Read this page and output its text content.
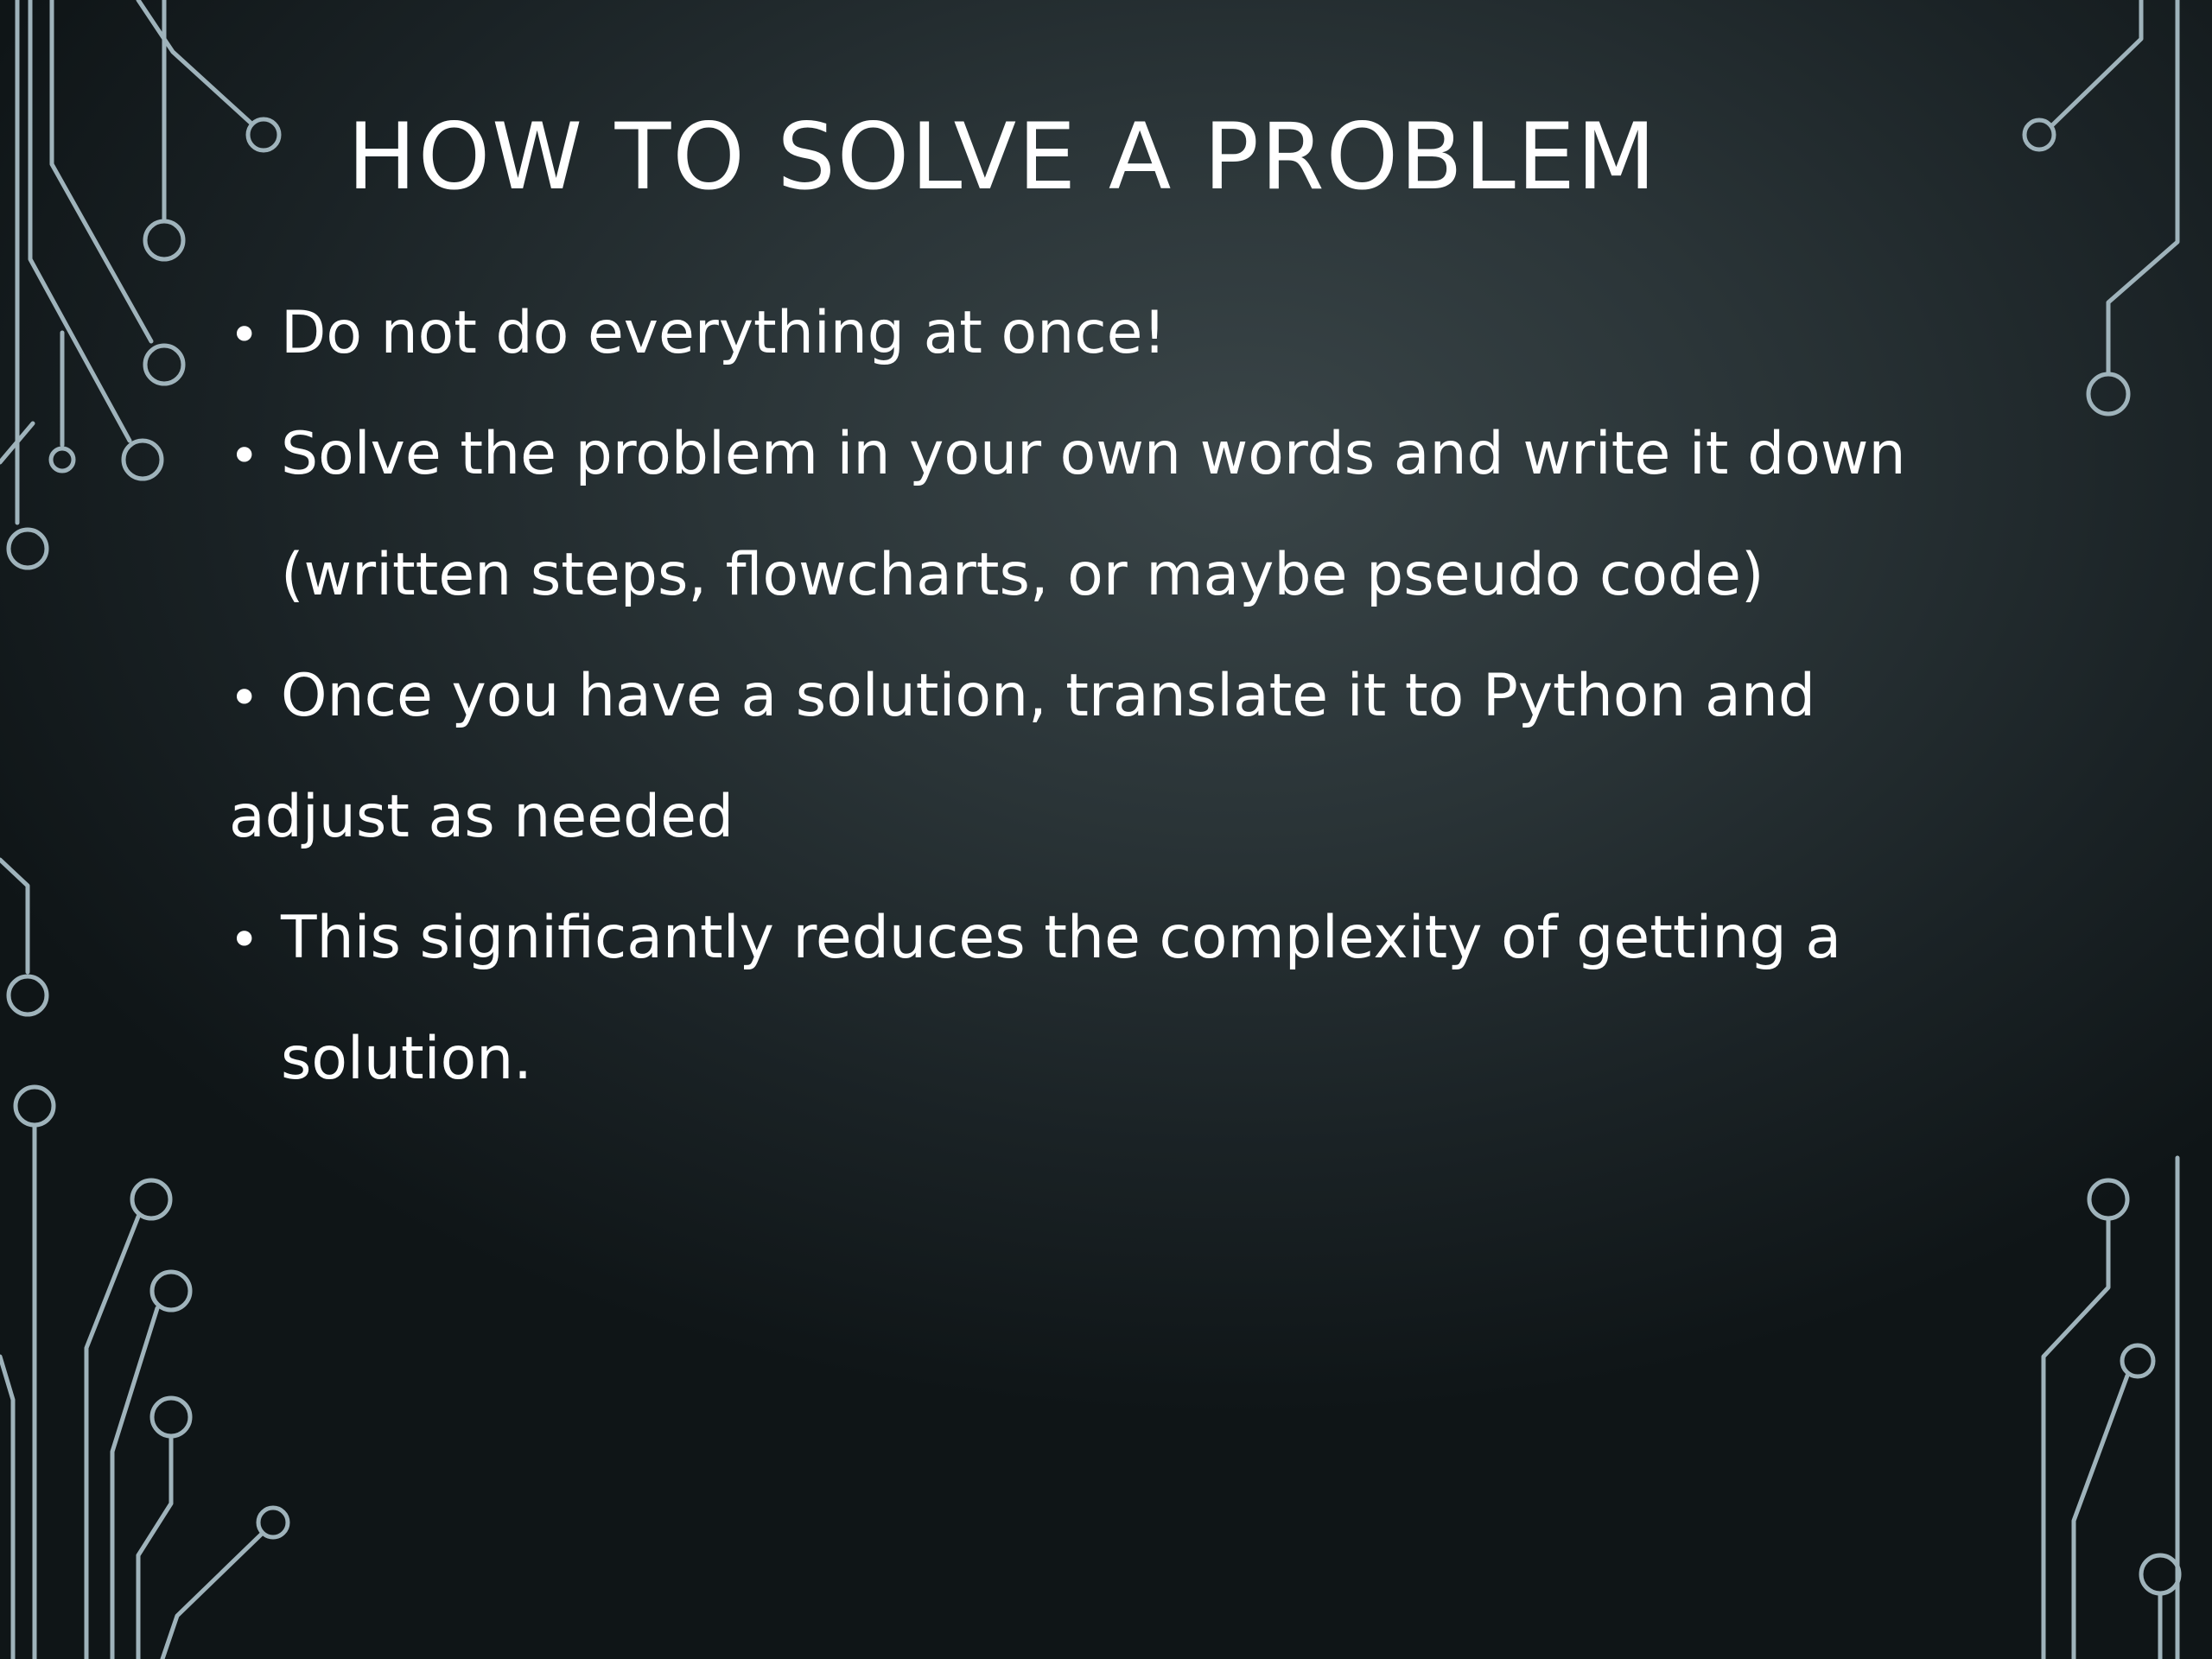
HOW TO SOLVE A PROBLEM
• Do not do everything at once!
• Solve the problem in your own words and write it down
(written steps, flowcharts, or maybe pseudo code)
• Once you have a solution, translate it to Python and
adjust as needed
• This significantly reduces the complexity of getting a
solution.
